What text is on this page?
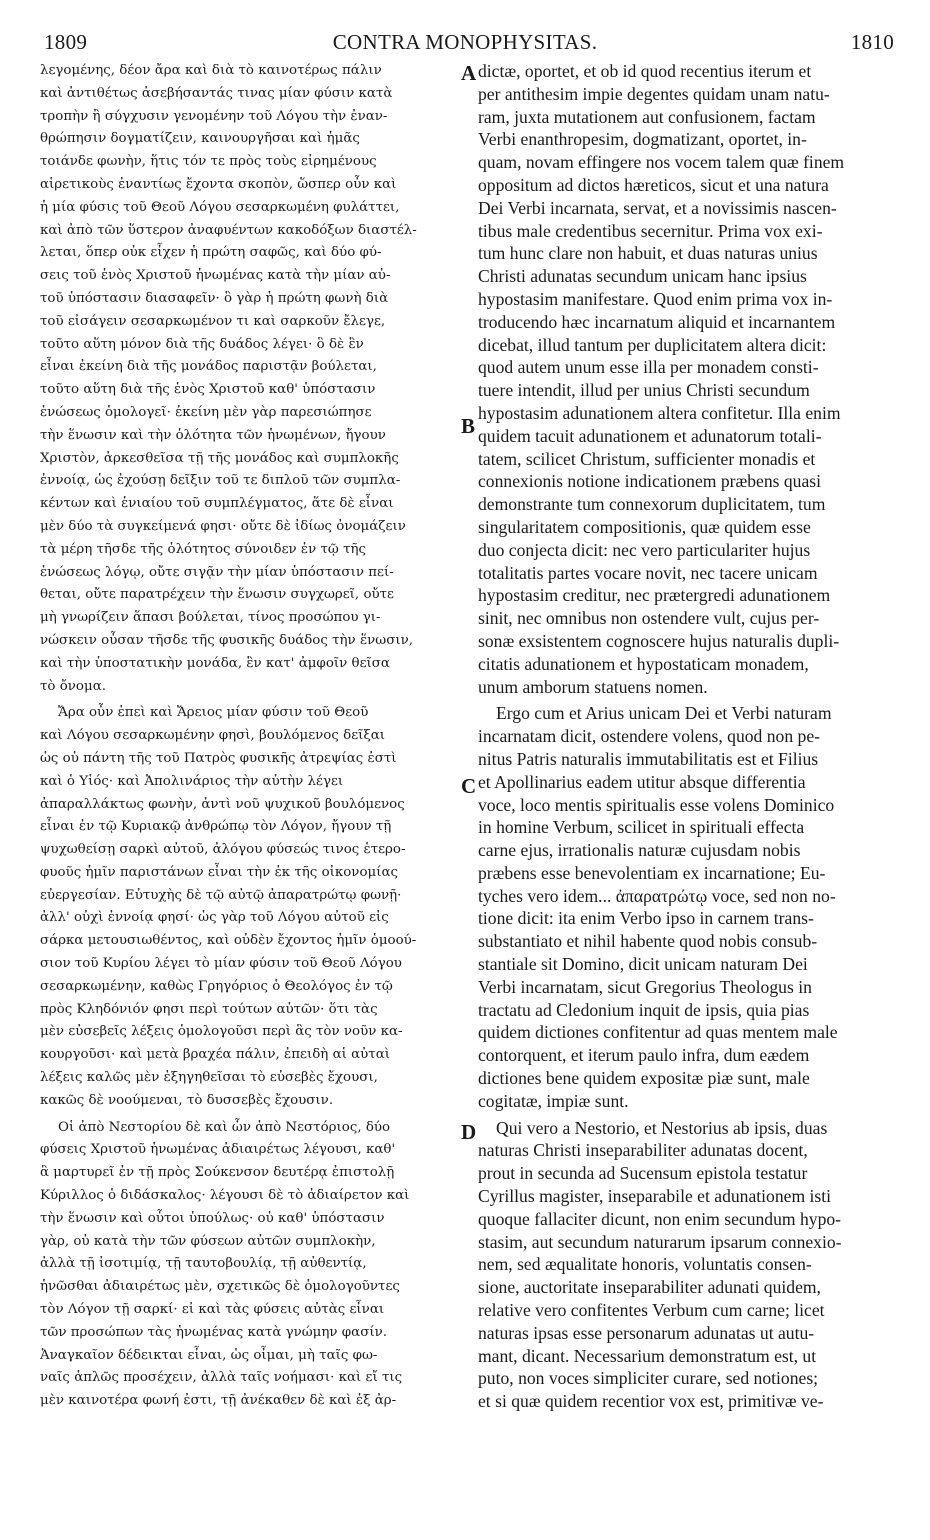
CONTRA MONOPHYSITAS.
1809	1810
λεγομένης, δέον ἄρα καὶ διὰ τὸ καινοτέρως πάλιν
καὶ ἀντιθέτως ἀσεβήσαντάς τινας μίαν φύσιν κατὰ
τροπὴν ἢ σύγχυσιν γενομένην τοῦ Λόγου τὴν ἐναν-
θρώπησιν δογματίζειν, καινουργῆσαι καὶ ἡμᾶς
τοιάνδε φωνὴν, ἥτις τόν τε πρὸς τοὺς εἰρημένους
αἱρετικοὺς ἐναντίως ἔχοντα σκοπὸν, ὥσπερ οὖν καὶ
ἡ μία φύσις τοῦ Θεοῦ Λόγου σεσαρκωμένη φυλάττει,
καὶ ἀπὸ τῶν ὕστερον ἀναφυέντων κακοδόξων διαστέλ-
λεται, ὅπερ οὐκ εἶχεν ἡ πρώτη σαφῶς, καὶ δύο φύ-
σεις τοῦ ἑνὸς Χριστοῦ ἡνωμένας κατὰ τὴν μίαν αὐ-
τοῦ ὑπόστασιν διασαφεῖν· ὃ γὰρ ἡ πρώτη φωνὴ διὰ
τοῦ εἰσάγειν σεσαρκωμένον τι καὶ σαρκοῦν ἔλεγε,
τοῦτο αὕτη μόνον διὰ τῆς δυάδος λέγει· ὃ δὲ ἓν
εἶναι ἐκείνη διὰ τῆς μονάδος παριστᾷν βούλεται,
τοῦτο αὕτη διὰ τῆς ἑνὸς Χριστοῦ καθ' ὑπόστασιν
ἑνώσεως ὁμολογεῖ· ἐκείνη μὲν γὰρ παρεσιώπησε
τὴν ἕνωσιν καὶ τὴν ὁλότητα τῶν ἡνωμένων, ἤγουν
Χριστὸν, ἀρκεσθεῖσα τῇ τῆς μονάδος καὶ συμπλοκῆς
ἐννοίᾳ, ὡς ἐχούσῃ δεῖξιν τοῦ τε διπλοῦ τῶν συμπλα-
κέντων καὶ ἑνιαίου τοῦ συμπλέγματος, ἅτε δὲ εἶναι
μὲν δύο τὰ συγκείμενά φησι· οὔτε δὲ ἰδίως ὀνομάζειν
τὰ μέρη τῆσδε τῆς ὁλότητος σύνοιδεν ἐν τῷ τῆς
ἑνώσεως λόγῳ, οὔτε σιγᾷν τὴν μίαν ὑπόστασιν πεί-
θεται, οὔτε παρατρέχειν τὴν ἕνωσιν συγχωρεῖ, οὔτε
μὴ γνωρίζειν ἅπασι βούλεται, τίνος προσώπου γι-
νώσκειν οὖσαν τῆσδε τῆς φυσικῆς δυάδος τὴν ἕνωσιν,
καὶ τὴν ὑποστατικὴν μονάδα, ἓν κατ' ἀμφοῖν θεῖσα
τὸ ὄνομα.
Ἄρα οὖν ἐπεὶ καὶ Ἄρειος μίαν φύσιν τοῦ Θεοῦ
καὶ Λόγου σεσαρκωμένην φησὶ, βουλόμενος δεῖξαι
ὡς οὐ πάντη τῆς τοῦ Πατρὸς φυσικῆς ἀτρεψίας ἐστὶ
καὶ ὁ Υἱός· καὶ Ἀπολινάριος τὴν αὐτὴν λέγει
ἀπαραλλάκτως φωνὴν, ἀντὶ νοῦ ψυχικοῦ βουλόμενος
εἶναι ἐν τῷ Κυριακῷ ἀνθρώπῳ τὸν Λόγον, ἤγουν τῇ
ψυχωθείσῃ σαρκὶ αὐτοῦ, ἀλόγου φύσεώς τινος ἑτερο-
φυοῦς ἡμῖν παριστάνων εἶναι τὴν ἐκ τῆς οἰκονομίας
εὐεργεσίαν. Εὐτυχὴς δὲ τῷ αὐτῷ ἀπαρατρώτῳ φωνῇ·
ἀλλ' οὐχὶ ἐννοίᾳ φησί· ὡς γὰρ τοῦ Λόγου αὐτοῦ εἰς
σάρκα μετουσιωθέντος, καὶ οὐδὲν ἔχοντος ἡμῖν ὁμοού-
σιον τοῦ Κυρίου λέγει τὸ μίαν φύσιν τοῦ Θεοῦ Λόγου
σεσαρκωμένην, καθὼς Γρηγόριος ὁ Θεολόγος ἐν τῷ
πρὸς Κληδόνιόν φησι περὶ τούτων αὐτῶν· ὅτι τὰς
μὲν εὐσεβεῖς λέξεις ὁμολογοῦσι περὶ ἃς τὸν νοῦν κα-
κουργοῦσι· καὶ μετὰ βραχέα πάλιν, ἐπειδὴ αἱ αὐταὶ
λέξεις καλῶς μὲν ἐξηγηθεῖσαι τὸ εὐσεβὲς ἔχουσι,
κακῶς δὲ νοούμεναι, τὸ δυσσεβὲς ἔχουσιν.
Οἱ ἀπὸ Νεστορίου δὲ καὶ ὧν ἀπὸ Νεστόριος, δύο
φύσεις Χριστοῦ ἡνωμένας ἀδιαιρέτως λέγουσι, καθ'
ἃ μαρτυρεῖ ἐν τῇ πρὸς Σούκενσον δευτέρᾳ ἐπιστολῇ
Κύριλλος ὁ διδάσκαλος· λέγουσι δὲ τὸ ἀδιαίρετον καὶ
τὴν ἕνωσιν καὶ οὗτοι ὑπούλως· οὐ καθ' ὑπόστασιν
γὰρ, οὐ κατὰ τὴν τῶν φύσεων αὐτῶν συμπλοκὴν,
ἀλλὰ τῇ ἰσοτιμίᾳ, τῇ ταυτοβουλίᾳ, τῇ αὐθεντίᾳ,
ἡνῶσθαι ἀδιαιρέτως μὲν, σχετικῶς δὲ ὁμολογοῦντες
τὸν Λόγον τῇ σαρκί· εἰ καὶ τὰς φύσεις αὐτὰς εἶναι
τῶν προσώπων τὰς ἡνωμένας κατὰ γνώμην φασίν.
Ἀναγκαῖον δέδεικται εἶναι, ὡς οἶμαι, μὴ ταῖς φω-
ναῖς ἁπλῶς προσέχειν, ἀλλὰ ταῖς νοήμασι· καὶ εἴ τις
μὲν καινοτέρα φωνή ἐστι, τῇ ἀνέκαθεν δὲ καὶ ἐξ ἀρ-
dictæ, oportet, et ob id quod recentius iterum et
per antithesim impie degentes quidam unam natu-
ram, juxta mutationem aut confusionem, factam
Verbi enanthropesim, dogmatizant, oportet, in-
quam, novam effingere nos vocem talem quæ finem
oppositum ad dictos hæreticos, sicut et una natura
Dei Verbi incarnata, servat, et a novissimis nascen-
tibus male credentibus secernitur. Prima vox exi-
tum hunc clare non habuit, et duas naturas unius
Christi adunatas secundum unicam hanc ipsius
hypostasim manifestare. Quod enim prima vox in-
troducendo hæc incarnatum aliquid et incarnantem
dicebat, illud tantum per duplicitatem altera dicit:
quod autem unum esse illa per monadem consti-
tuere intendit, illud per unius Christi secundum
hypostasim adunationem altera confitetur. Illa enim
quidem tacuit adunationem et adunatorum totali-
tatem, scilicet Christum, sufficienter monadis et
connexionis notione indicationem præbens quasi
demonstrante tum connexorum duplicitatem, tum
singularitatem compositionis, quæ quidem esse
duo conjecta dicit: nec vero particulariter hujus
totalitatis partes vocare novit, nec tacere unicam
hypostasim creditur, nec prætergredi adunationem
sinit, nec omnibus non ostendere vult, cujus per-
sonæ exsistentem cognoscere hujus naturalis dupli-
citatis adunationem et hypostaticam monadem,
unum amborum statuens nomen.
Ergo cum et Arius unicam Dei et Verbi naturam
incarnatam dicit, ostendere volens, quod non pe-
nitus Patris naturalis immutabilitatis est et Filius
et Apollinarius eadem utitur absque differentia
voce, loco mentis spiritualis esse volens Dominico
in homine Verbum, scilicet in spirituali effecta
carne ejus, irrationalis naturæ cujusdam nobis
præbens esse benevolentiam ex incarnatione; Eu-
tyches vero idem... ἀπαρατρώτῳ voce, sed non no-
tione dicit: ita enim Verbo ipso in carnem trans-
substantiato et nihil habente quod nobis consub-
stantiale sit Domino, dicit unicam naturam Dei
Verbi incarnatam, sicut Gregorius Theologus in
tractatu ad Cledonium inquit de ipsis, quia pias
quidem dictiones confitentur ad quas mentem male
contorquent, et iterum paulo infra, dum eædem
dictiones bene quidem expositæ piæ sunt, male
cogitatæ, impiæ sunt.
Qui vero a Nestorio, et Nestorius ab ipsis, duas
naturas Christi inseparabiliter adunatas docent,
prout in secunda ad Sucensum epistola testatur
Cyrillus magister, inseparabile et adunationem isti
quoque fallaciter dicunt, non enim secundum hypo-
stasim, aut secundum naturarum ipsarum connexio-
nem, sed æqualitate honoris, voluntatis consen-
sione, auctoritate inseparabiliter adunati quidem,
relative vero confitentes Verbum cum carne; licet
naturas ipsas esse personarum adunatas ut autu-
mant, dicant. Necessarium demonstratum est, ut
puto, non voces simpliciter curare, sed notiones;
et si quæ quidem recentior vox est, primitivæ ve-
A
B
C
D
